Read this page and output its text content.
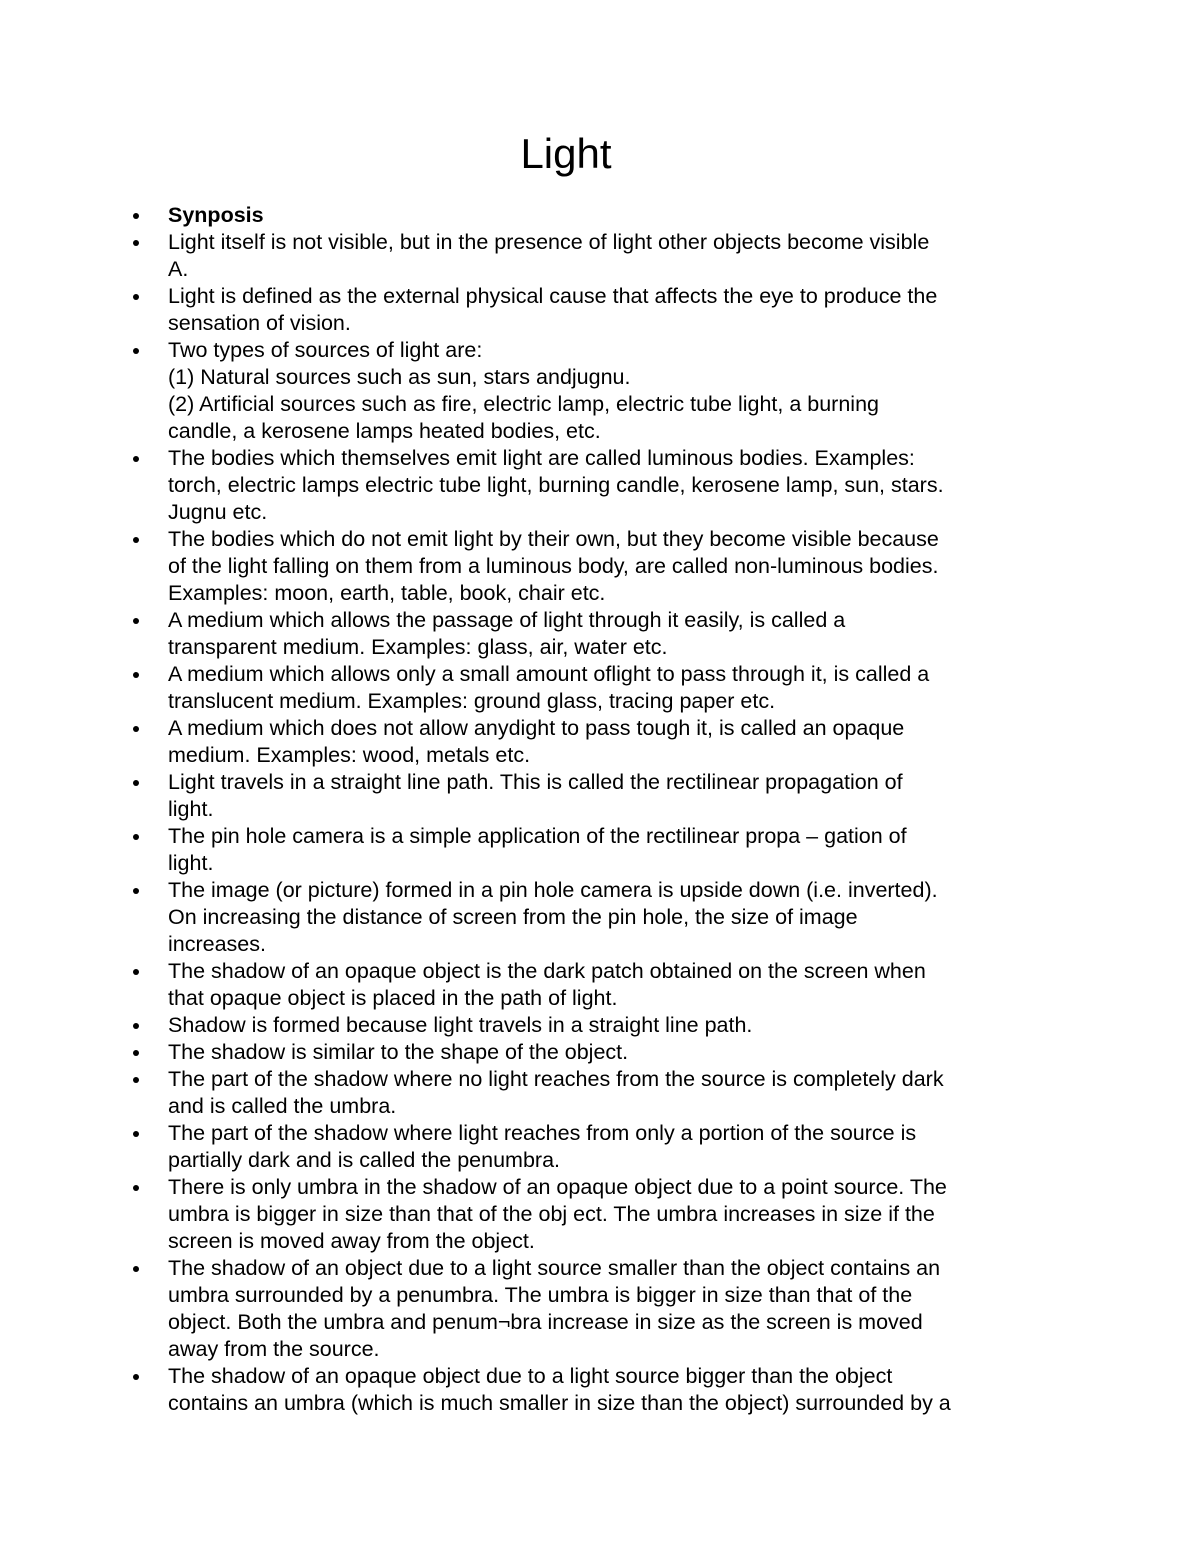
Light
Synposis
Light itself is not visible, but in the presence of light other objects become visible
A.
Light is defined as the external physical cause that affects the eye to produce the
sensation of vision.
Two types of sources of light are:
(1) Natural sources such as sun, stars andjugnu.
(2) Artificial sources such as fire, electric lamp, electric tube light, a burning
candle, a kerosene lamps heated bodies, etc.
The bodies which themselves emit light are called luminous bodies. Examples:
torch, electric lamps electric tube light, burning candle, kerosene lamp, sun, stars.
Jugnu etc.
The bodies which do not emit light by their own, but they become visible because
of the light falling on them from a luminous body, are called non-luminous bodies.
Examples: moon, earth, table, book, chair etc.
A medium which allows the passage of light through it easily, is called a
transparent medium. Examples: glass, air, water etc.
A medium which allows only a small amount oflight to pass through it, is called a
translucent medium. Examples: ground glass, tracing paper etc.
A medium which does not allow anydight to pass tough it, is called an opaque
medium. Examples: wood, metals etc.
Light travels in a straight line path. This is called the rectilinear propagation of
light.
The pin hole camera is a simple application of the rectilinear propa – gation of
light.
The image (or picture) formed in a pin hole camera is upside down (i.e. inverted).
On increasing the distance of screen from the pin hole, the size of image
increases.
The shadow of an opaque object is the dark patch obtained on the screen when
that opaque object is placed in the path of light.
Shadow is formed because light travels in a straight line path.
The shadow is similar to the shape of the object.
The part of the shadow where no light reaches from the source is completely dark
and is called the umbra.
The part of the shadow where light reaches from only a portion of the source is
partially dark and is called the penumbra.
There is only umbra in the shadow of an opaque object due to a point source. The
umbra is bigger in size than that of the obj ect. The umbra increases in size if the
screen is moved away from the object.
The shadow of an object due to a light source smaller than the object contains an
umbra surrounded by a penumbra. The umbra is bigger in size than that of the
object. Both the umbra and penum¬bra increase in size as the screen is moved
away from the source.
The shadow of an opaque object due to a light source bigger than the object
contains an umbra (which is much smaller in size than the object) surrounded by a
